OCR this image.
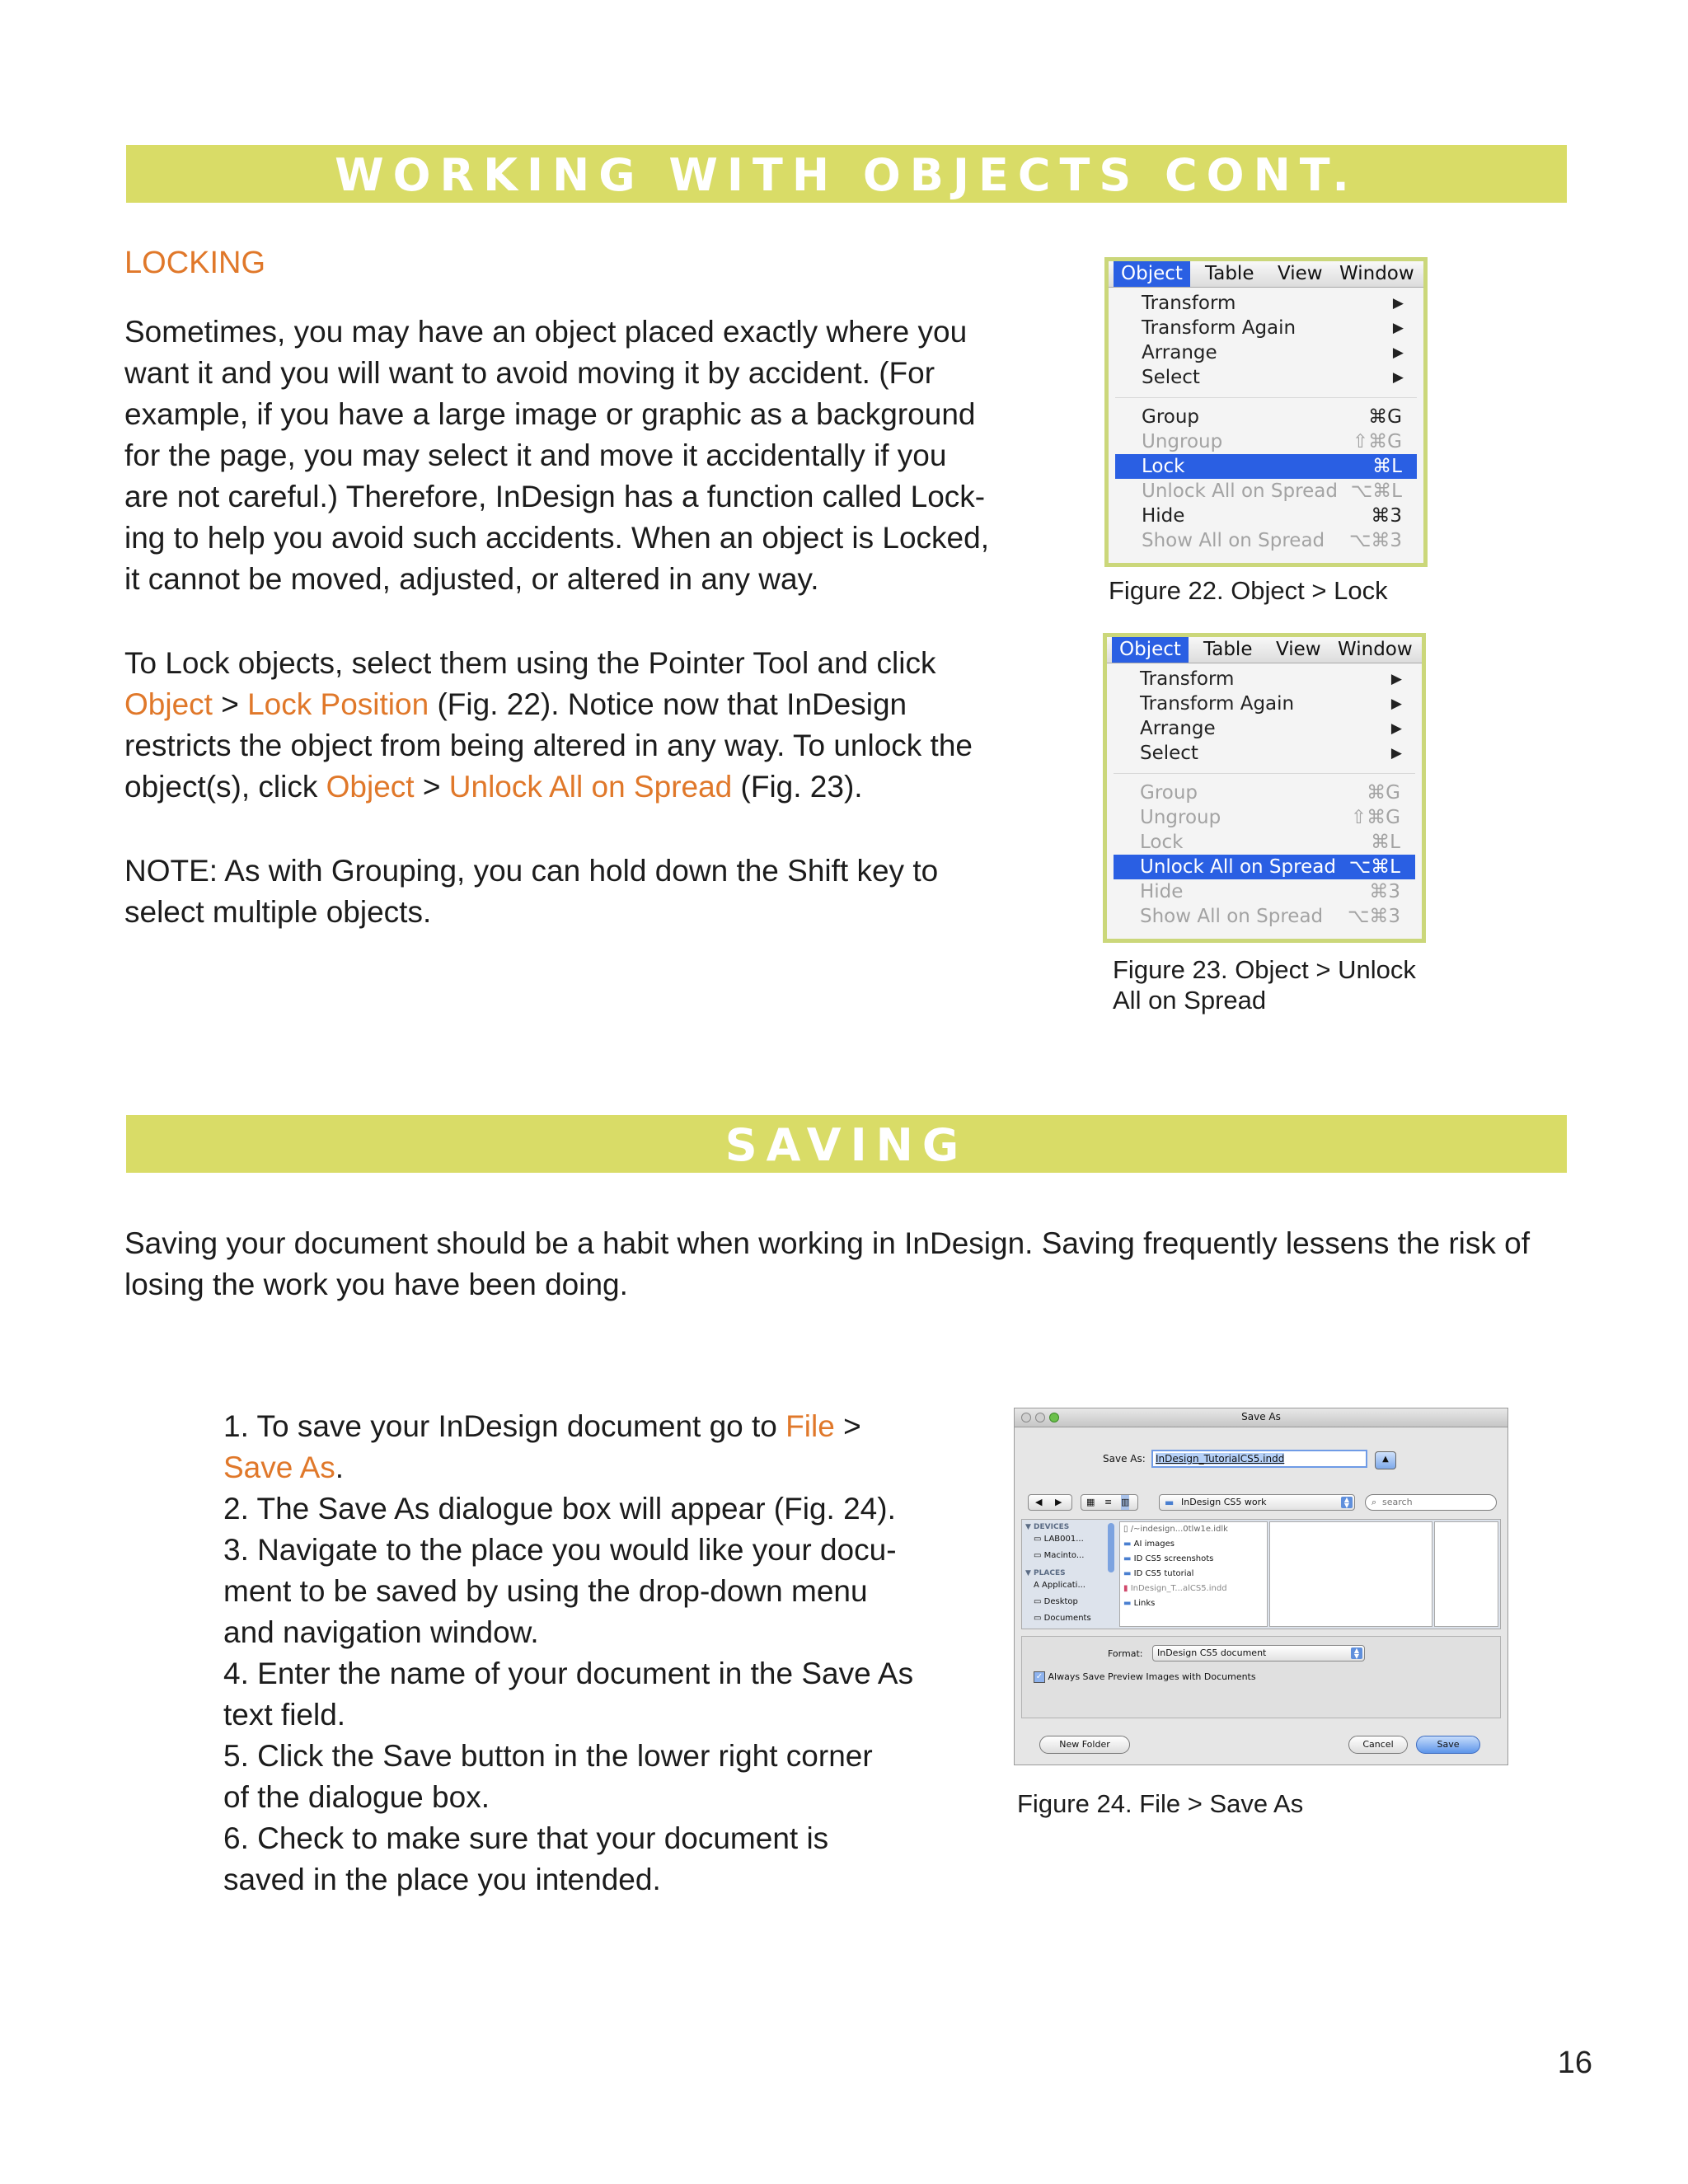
WORKING WITH OBJECTS CONT.
LOCKING

Sometimes, you may have an object placed exactly where you

want it and you will want to avoid moving it by accident. (For

example, if you have a large image or graphic as a background

for the page, you may select it and move it accidentally if you

are not careful.) Therefore, InDesign has a function called Lock-

ing to help you avoid such accidents. When an object is Locked,

it cannot be moved, adjusted, or altered in any way.

To Lock objects, select them using the Pointer Tool and click

Object > Lock Position (Fig. 22). Notice now that InDesign

restricts the object from being altered in any way. To unlock the

object(s), click Object > Unlock All on Spread (Fig. 23).

NOTE: As with Grouping, you can hold down the Shift key to

select multiple objects.

Object	Table View Window
Transform	▶
Transform Again	▶
Arrange	▶
Select	▶
Group	⌘G
Ungroup	⇧⌘G
Lock	⌘L
Unlock All on Spread ⌥⌘L
Hide	⌘3
Show All on Spread ⌥⌘3
Figure 22. Object > Lock
Object	Table View Window
Transform	▶
Transform Again	▶
Arrange	▶
Select	▶
Group	⌘G
Ungroup	⇧⌘G
Lock	⌘L
Unlock All on Spread ⌥⌘L
Hide	⌘3
Show All on Spread ⌥⌘3
Figure 23. Object > Unlock
All on Spread
SAVING

Saving your document should be a habit when working in InDesign. Saving frequently lessens the risk of

losing the work you have been doing.

1. To save your InDesign document go to File >

Save As.

2. The Save As dialogue box will appear (Fig. 24).

3. Navigate to the place you would like your docu-

ment to be saved by using the drop-down menu

and navigation window.

4. Enter the name of your document in the Save As

text field.

5. Click the Save button in the lower right corner

of the dialogue box.

6. Check to make sure that your document is

saved in the place you intended.

Save As
Save As:	InDesign_TutorialCS5.indd	▲
◀ ▶	▦ ≡ ▥	▬ InDesign CS5 work	▲
▼	⌕ search
▼ DEVICES
▭ LAB001...
▭ Macinto...
▼ PLACES
A Applicati...
▭ Desktop
▭ Documents
▯ /~indesign...0tlw1e.idlk
▬ AI images
▬ ID CS5 screenshots
▬ ID CS5 tutorial
▮ InDesign_T...alCS5.indd
▬ Links
Format:	InDesign CS5 document	▲
▼
✓ Always Save Preview Images with Documents
New Folder	Cancel	Save
Figure 24. File > Save As
16
